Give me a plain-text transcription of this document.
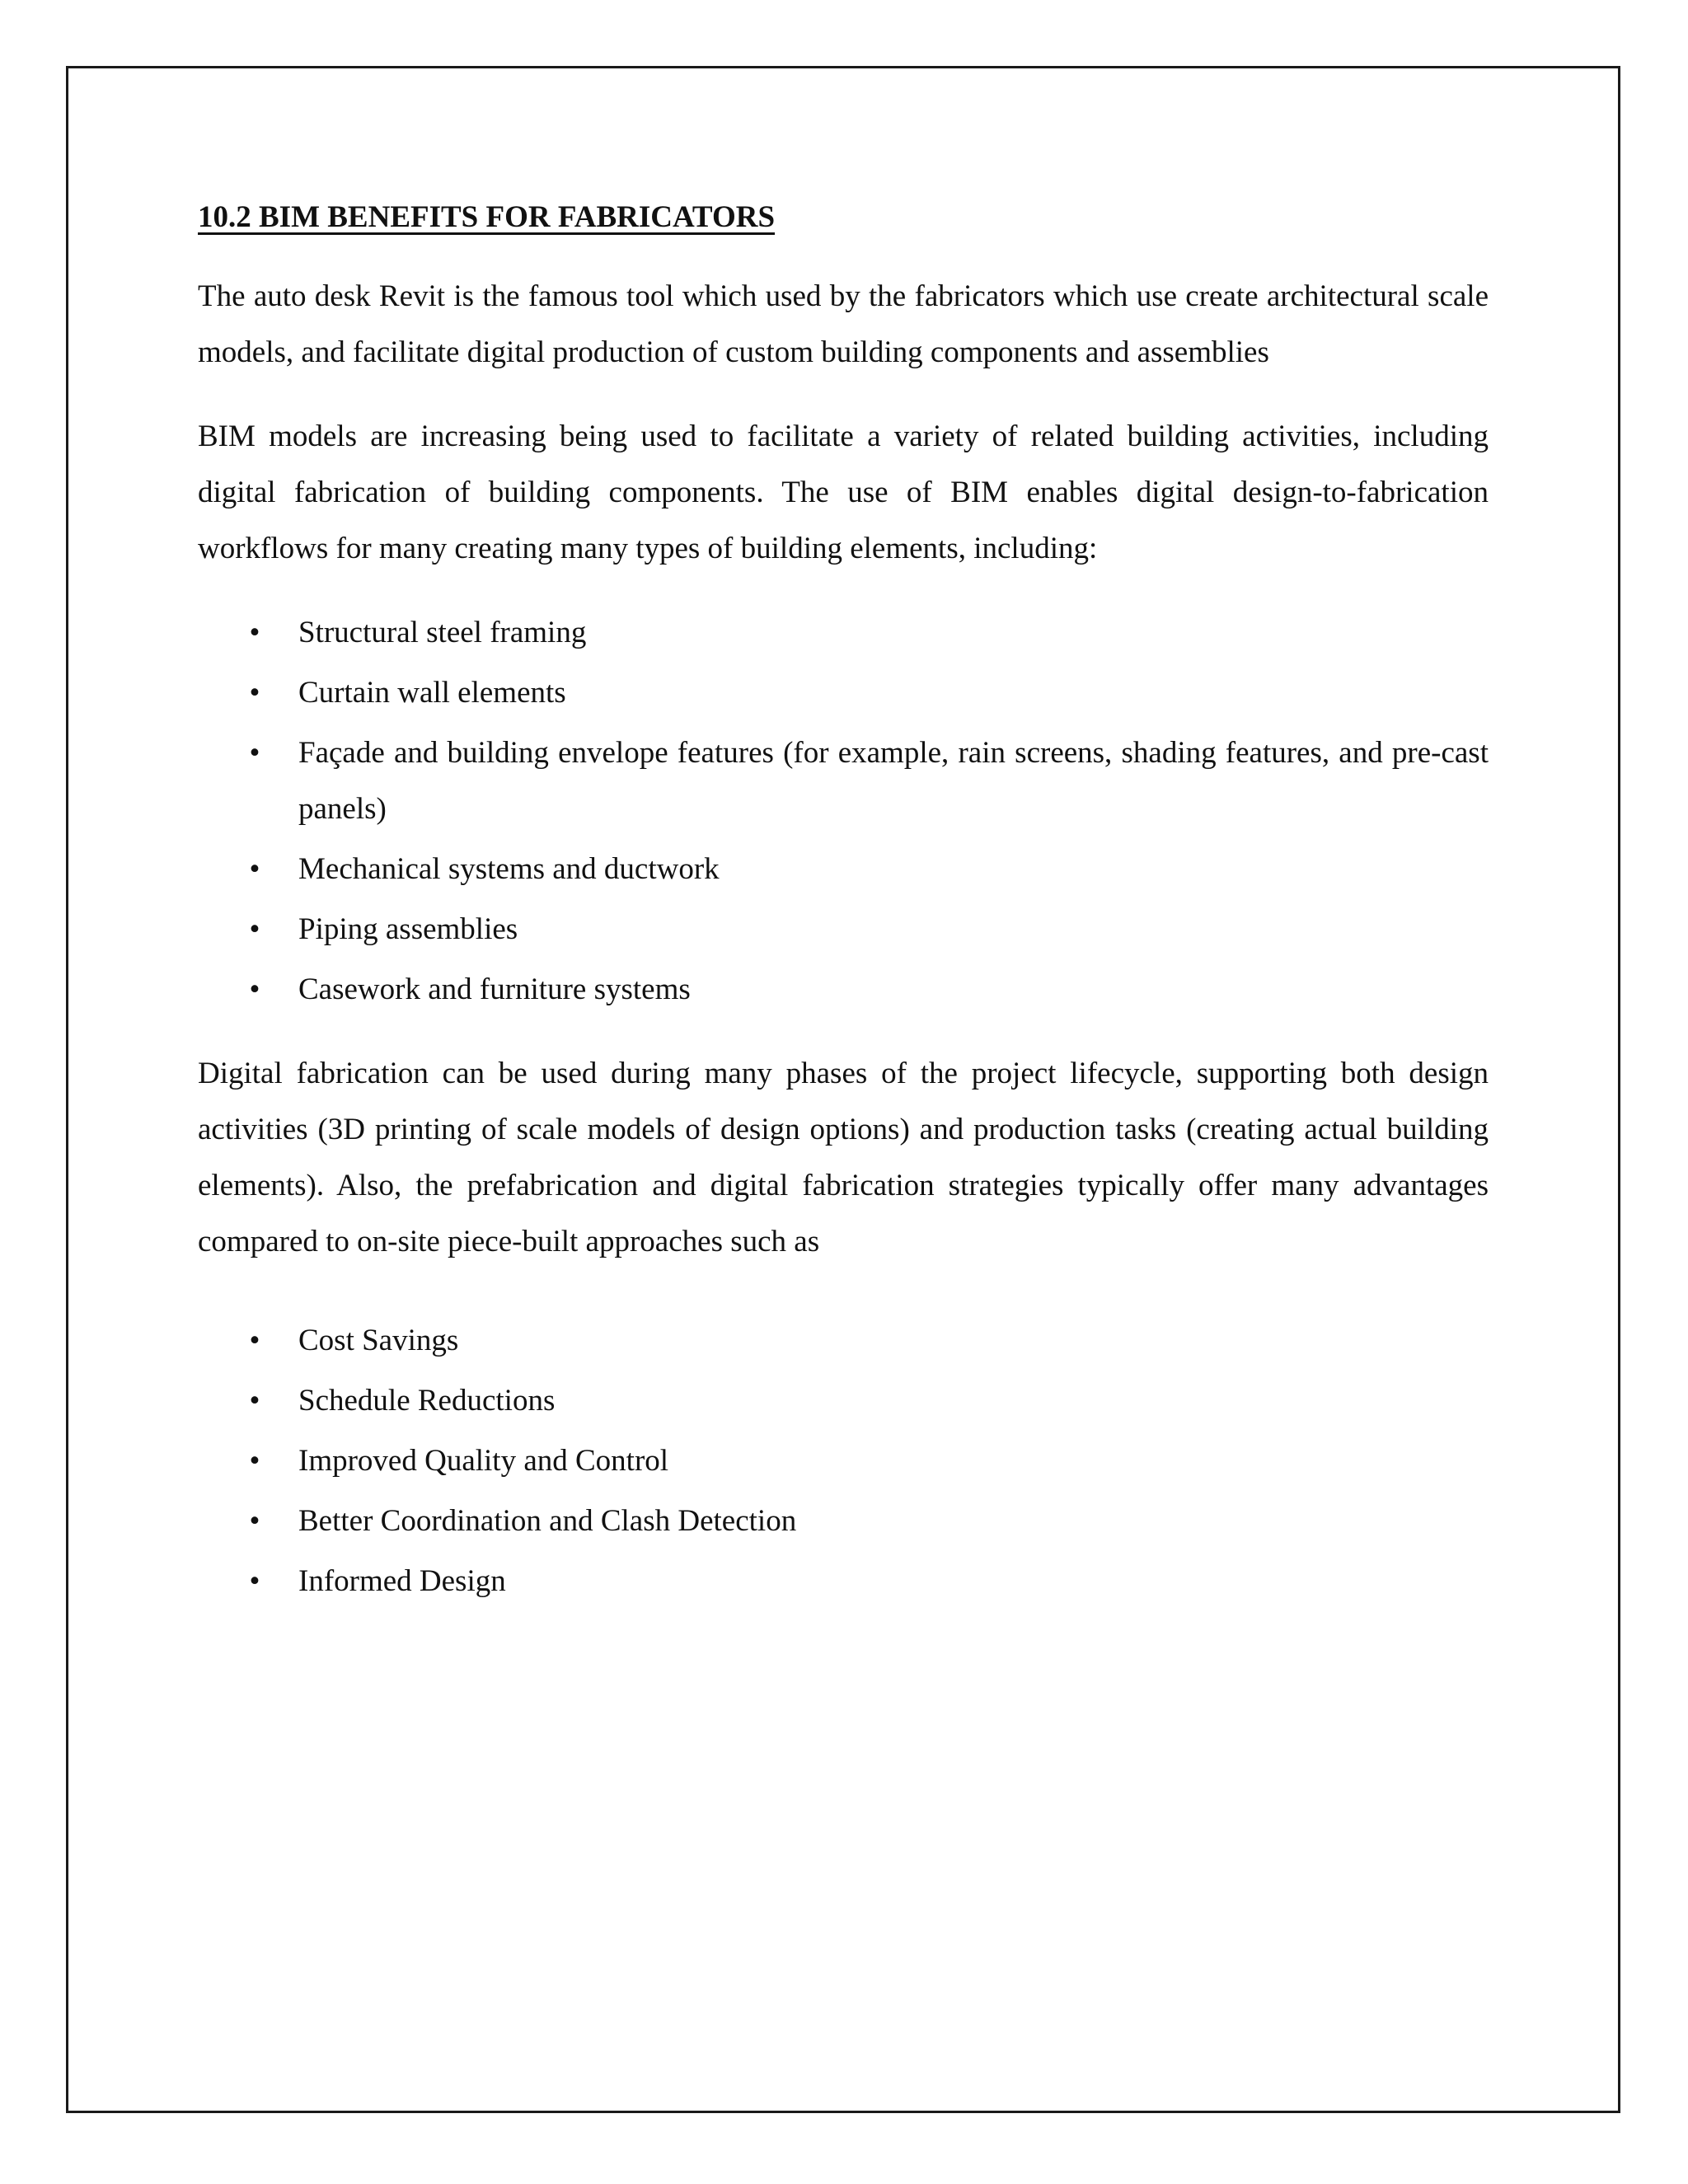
10.2 BIM BENEFITS FOR FABRICATORS

The auto desk Revit is the famous tool which used by the fabricators which use create architectural scale models, and facilitate digital production of custom building components and assemblies

BIM models are increasing being used to facilitate a variety of related building activities, including digital fabrication of building components. The use of BIM enables digital design-to-fabrication workflows for many creating many types of building elements, including:

• Structural steel framing
• Curtain wall elements
• Façade and building envelope features (for example, rain screens, shading features, and pre-cast panels)
• Mechanical systems and ductwork
• Piping assemblies
• Casework and furniture systems

Digital fabrication can be used during many phases of the project lifecycle, supporting both design activities (3D printing of scale models of design options) and production tasks (creating actual building elements). Also, the prefabrication and digital fabrication strategies typically offer many advantages compared to on-site piece-built approaches such as

• Cost Savings
• Schedule Reductions
• Improved Quality and Control
• Better Coordination and Clash Detection
• Informed Design
